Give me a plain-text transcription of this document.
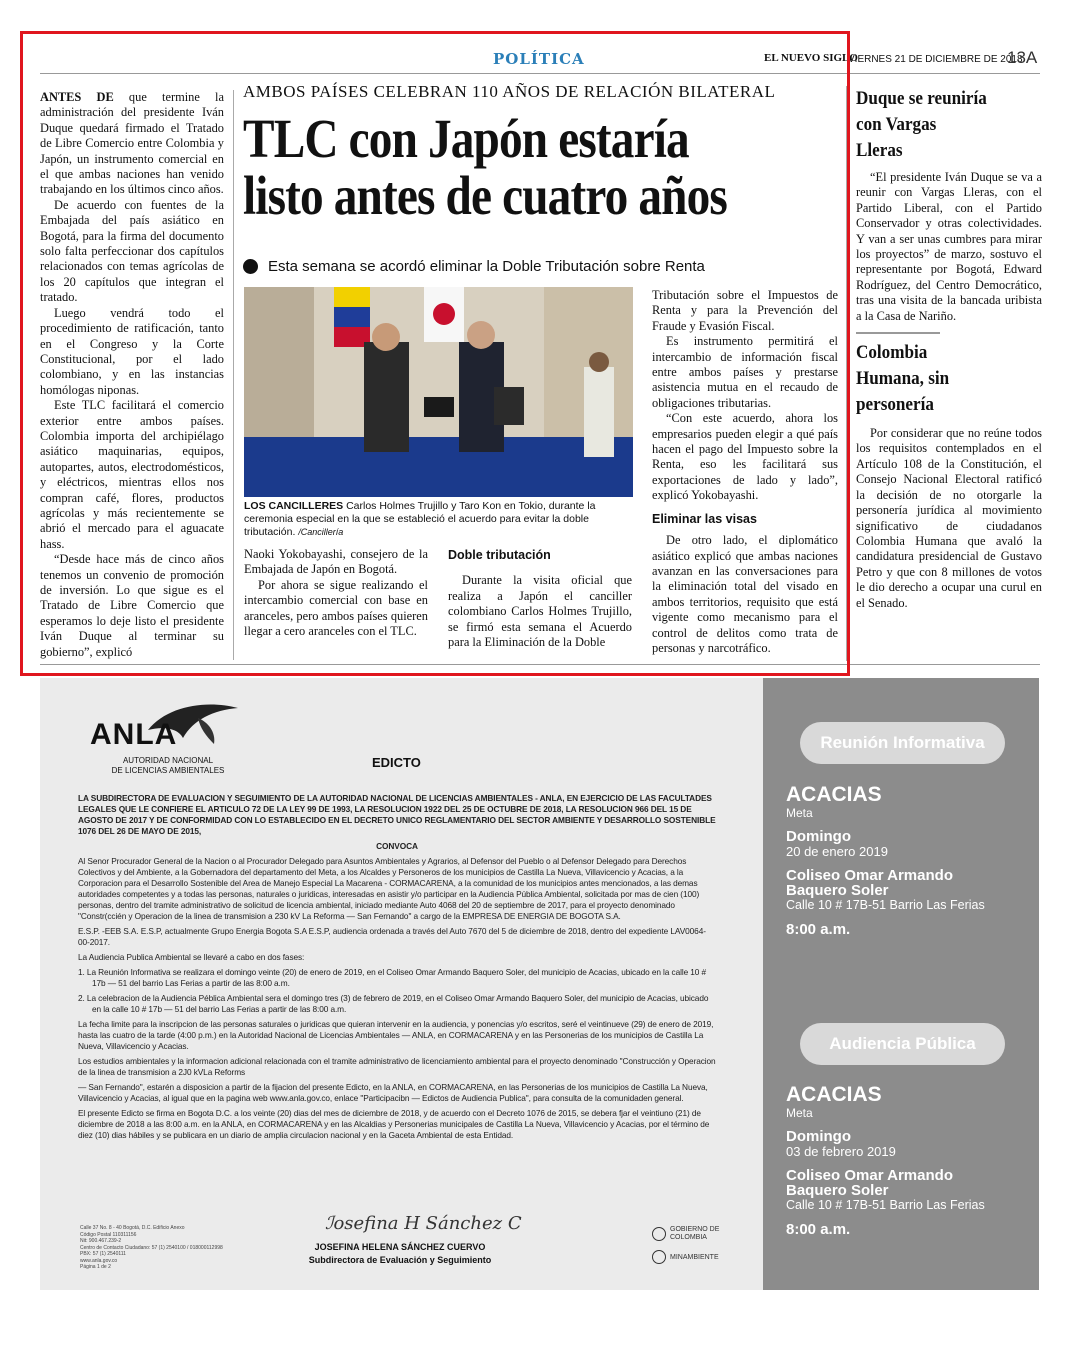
POLÍTICA	EL NUEVO SIGLO
VIERNES 21 DE DICIEMBRE DE 2018
13A

ANTES DE que termine la administración del presidente Iván Duque quedará firmado el Tratado de Libre Comercio entre Colombia y Japón, un instrumento comercial en el que ambas naciones han venido trabajando en los últimos cinco años.

De acuerdo con fuentes de la Embajada del país asiático en Bogotá, para la firma del documento solo falta perfeccionar dos capítulos relacionados con temas agrícolas de los 20 capítulos que integran el tratado.

Luego vendrá todo el procedimiento de ratificación, tanto en el Congreso y la Corte Constitucional, por el lado colombiano, y en las instancias homólogas niponas.

Este TLC facilitará el comercio exterior entre ambos países. Colombia importa del archipiélago asiático maquinarias, equipos, autopartes, autos, electrodomésticos, y eléctricos, mientras ellos nos compran café, flores, productos agrícolas y más recientemente se abrió el mercado para el aguacate hass.

“Desde hace más de cinco años tenemos un convenio de promoción de inversión. Lo que sigue es el Tratado de Libre Comercio que esperamos lo deje listo el presidente Iván Duque al terminar su gobierno”, explicó

AMBOS PAÍSES CELEBRAN 110 AÑOS DE RELACIÓN BILATERAL
TLC con Japón estaría
listo antes de cuatro años
Esta semana se acordó eliminar la Doble Tributación sobre Renta
LOS CANCILLERES Carlos Holmes Trujillo y Taro Kon en Tokio, durante la ceremonia especial en la que se estableció el acuerdo para evitar la doble tributación. /Cancillería

Naoki Yokobayashi, consejero de la Embajada de Japón en Bogotá.

Por ahora se sigue realizando el intercambio comercial con base en aranceles, pero ambos países quieren llegar a cero aranceles con el TLC.

Doble tributación

Durante la visita oficial que realiza a Japón el canciller colombiano Carlos Holmes Trujillo, se firmó esta semana el Acuerdo para la Eliminación de la Doble

Tributación sobre el Impuestos de Renta y para la Prevención del Fraude y Evasión Fiscal.

Es instrumento permitirá el intercambio de información fiscal entre ambos países y prestarse asistencia mutua en el recaudo de obligaciones tributarias.

“Con este acuerdo, ahora los empresarios pueden elegir a qué país hacen el pago del Impuesto sobre la Renta, eso les facilitará sus exportaciones de lado y lado”, explicó Yokobayashi.

Eliminar las visas

De otro lado, el diplomático asiático explicó que ambas naciones avanzan en las conversaciones para la eliminación total del visado en ambos territorios, requisito que está vigente como mecanismo para el control de delitos como trata de personas y narcotráfico.

Duque se reuniría
con Vargas
Lleras

“El presidente Iván Duque se va a reunir con Vargas Lleras, con el Partido Liberal, con el Partido Conservador y otras colectividades. Y van a ser unas cumbres para mirar los proyectos” de marzo, sostuvo el representante por Bogotá, Edward Rodríguez, del Centro Democrático, tras una visita de la bancada uribista a la Casa de Nariño.

Colombia
Humana, sin
personería

Por considerar que no reúne todos los requisitos contemplados en el Artículo 108 de la Constitución, el Consejo Nacional Electoral ratificó la decisión de no otorgarle la personería jurídica al movimiento significativo de ciudadanos Colombia Humana que avaló la candidatura presidencial de Gustavo Petro y que con 8 millones de votos le dio derecho a ocupar una curul en el Senado.

ANLA
AUTORIDAD NACIONAL
DE LICENCIAS AMBIENTALES
EDICTO

LA SUBDIRECTORA DE EVALUACION Y SEGUIMIENTO DE LA AUTORIDAD NACIONAL DE LICENCIAS AMBIENTALES - ANLA, EN EJERCICIO DE LAS FACULTADES LEGALES QUE LE CONFIERE EL ARTICULO 72 DE LA LEY 99 DE 1993, LA RESOLUCION 1922 DEL 25 DE OCTUBRE DE 2018, LA RESOLUCION 966 DEL 15 DE AGOSTO DE 2017 Y DE CONFORMIDAD CON LO ESTABLECIDO EN EL DECRETO UNICO REGLAMENTARIO DEL SECTOR AMBIENTE Y DESARROLLO SOSTENIBLE 1076 DEL 26 DE MAYO DE 2015,

CONVOCA

Al Senor Procurador General de la Nacion o al Procurador Delegado para Asuntos Ambientales y Agrarios, al Defensor del Pueblo o al Defensor Delegado para Derechos Colectivos y del Ambiente, a la Gobernadora del departamento del Meta, a los Alcaldes y Personeros de los municipios de Castilla La Nueva, Villavicencio y Acacias, a la Corporacion para el Desarrollo Sostenible del Area de Manejo Especial La Macarena - CORMACARENA, a la comunidad de los municipios antes mencionados, a las demas autoridades competentes y a todas las personas, naturales o juridicas, interesadas en asistir y/o participar en la Audiencia Pública Ambiental, solicitada por mas de cien (100) personas, dentro del tramite administrativo de solicitud de licencia ambiental, iniciado mediante Auto 4068 del 20 de septiembre de 2017, para el proyecto denominado "Constr(ccién y Operacion de la linea de transmision a 230 kV La Reforma — San Fernando" a cargo de la EMPRESA DE ENERGIA DE BOGOTA S.A.

E.S.P. -EEB S.A. E.S.P, actualmente Grupo Energia Bogota S.A E.S.P, audiencia ordenada a través del Auto 7670 del 5 de diciembre de 2018, dentro del expediente LAV0064-00-2017.

La Audiencia Publica Ambiental se llevaré a cabo en dos fases:

1. La Reunión Informativa se realizara el domingo veinte (20) de enero de 2019, en el Coliseo Omar Armando Baquero Soler, del municipio de Acacias, ubicado en la calle 10 # 17b — 51 del barrio Las Ferias a partir de las 8:00 a.m.

2. La celebracion de la Audiencia Péblica Ambiental sera el domingo tres (3) de febrero de 2019, en el Coliseo Omar Armando Baquero Soler, del municipio de Acacias, ubicado en la calle 10 # 17b — 51 del barrio Las Ferias a partir de las 8:00 a.m.

La fecha limite para la inscripcion de las personas saturales o juridicas que quieran intervenir en la audiencia, y ponencias y/o escritos, seré el veintinueve (29) de enero de 2019, hasta las cuatro de la tarde (4:00 p.m.) en la Autoridad Nacional de Licencias Ambientales — ANLA, en CORMACARENA y en las Personerias de los municipios de Castilla La Nueva, Villavicencio y Acacias.

Los estudios ambientales y la informacion adicional relacionada con el tramite administrativo de licenciamiento ambiental para el proyecto denominado "Construcción y Operacion de la linea de transmision a 2J0 kVLa Reforms

— San Fernando", estarén a disposicion a partir de la fijacion del presente Edicto, en la ANLA, en CORMACARENA, en las Personerias de los municipios de Castilla La Nueva, Villavicencio y Acacias, al igual que en la pagina web www.anla.gov.co, enlace "Participacibn — Edictos de Audiencia Publica", para consulta de la comunidaden general.

El presente Edicto se firma en Bogota D.C. a los veinte (20) dias del mes de diciembre de 2018, y de acuerdo con el Decreto 1076 de 2015, se debera fjar el veintiuno (21) de diciembre de 2018 a las 8:00 a.m. en la ANLA, en CORMACARENA y en las Alcaldias y Personerias municipales de Castilla La Nueva, Villavicencio y Acacias, por el término de diez (10) dias hábiles y se publicara en un diario de amplia circulacion nacional y en la Gaceta Ambiental de esta Entidad.

ℐosefina H Sánchez C
JOSEFINA HELENA SÁNCHEZ CUERVO
Subdirectora de Evaluación y Seguimiento
Calle 37 No. 8 - 40 Bogotá, D.C. Edificio Anexo
Código Postal 110311156
Nit: 900.467.239-2
Centro de Contacto Ciudadano: 57 (1) 2540100 / 018000112998
PBX: 57 (1) 2540111
www.anla.gov.co
Página 1 de 2
GOBIERNO DE COLOMBIA
MINAMBIENTE
Reunión Informativa
ACACIAS
Meta
Domingo
20 de enero 2019
Coliseo Omar Armando
Baquero Soler
Calle 10 # 17B-51 Barrio Las Ferias
8:00 a.m.
Audiencia Pública
ACACIAS
Meta
Domingo
03 de febrero 2019
Coliseo Omar Armando
Baquero Soler
Calle 10 # 17B-51 Barrio Las Ferias
8:00 a.m.
